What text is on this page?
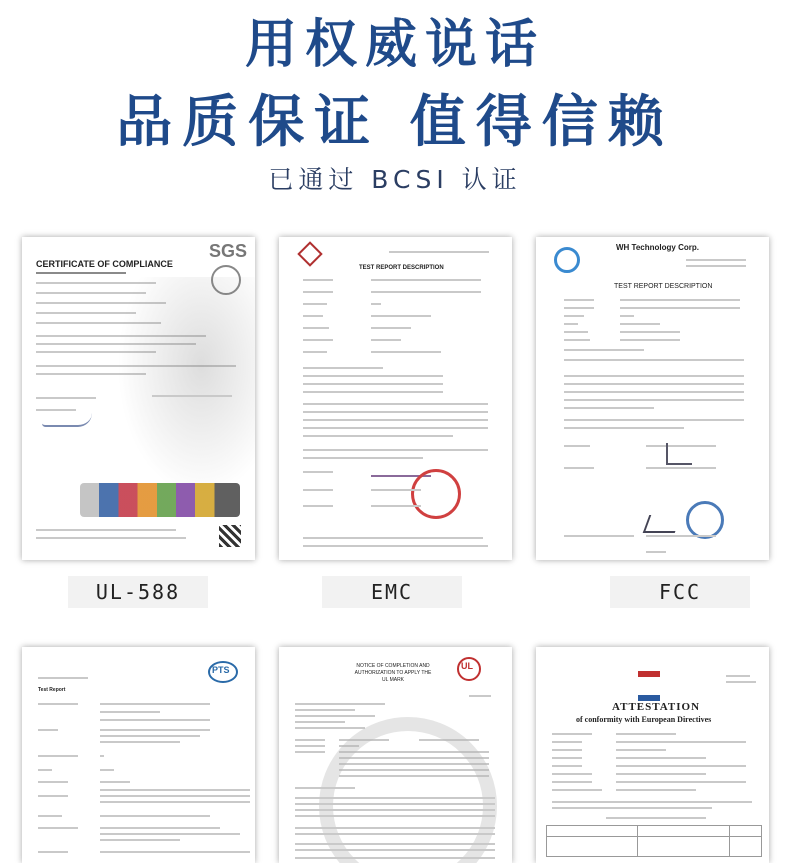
用权威说话
品质保证 值得信赖
已通过 BCSI 认证
SGS
CERTIFICATE OF COMPLIANCE
UL-588
TEST REPORT DESCRIPTION
EMC
WH Technology Corp.
TEST REPORT DESCRIPTION
FCC
PTS
Test Report
NOTICE OF COMPLETION AND AUTHORIZATION TO APPLY THE UL MARK
UL
ATTESTATION
of conformity with European Directives
